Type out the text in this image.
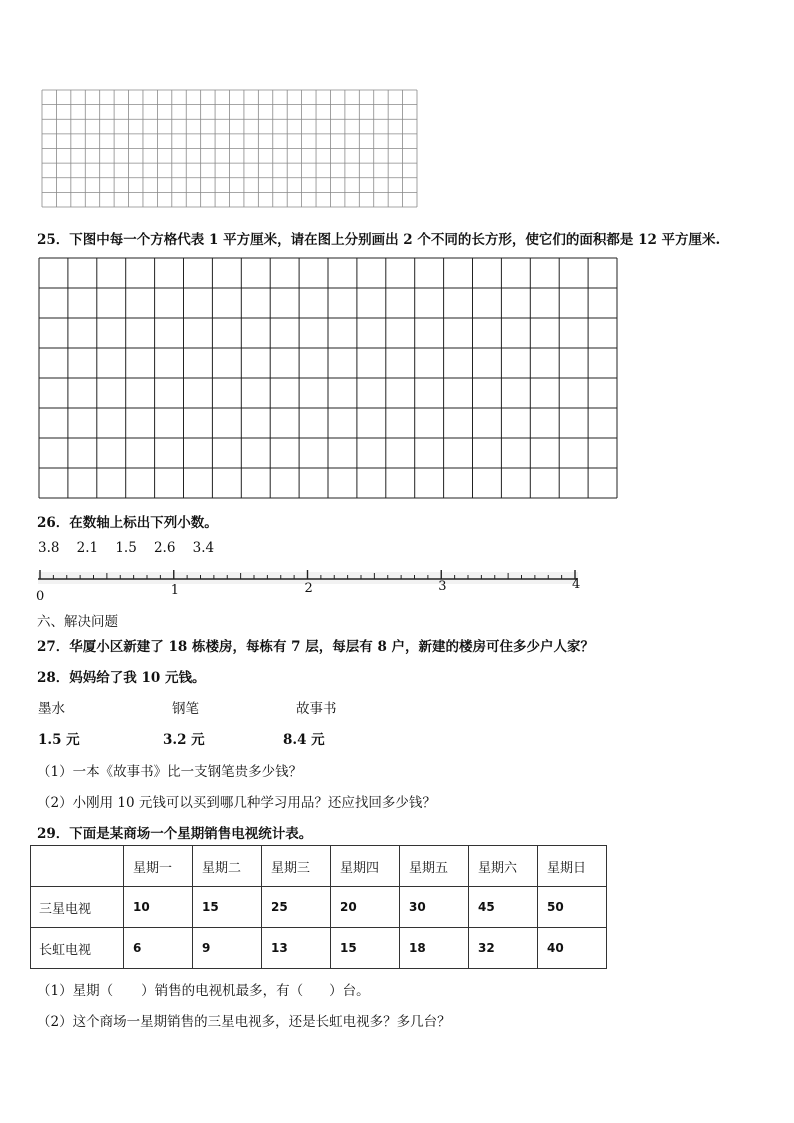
25．下图中每一个方格代表 1 平方厘米，请在图上分别画出 2 个不同的长方形，使它们的面积都是 12 平方厘米.
26．在数轴上标出下列小数。
3.8 2.1 1.5 2.6 3.4
0	1	2	3	4
六、解决问题
27．华厦小区新建了 18 栋楼房，每栋有 7 层，每层有 8 户，新建的楼房可住多少户人家？
28．妈妈给了我 10 元钱。
墨水	钢笔	故事书
1.5 元	3.2 元	8.4 元
（1）一本《故事书》比一支钢笔贵多少钱？
（2）小刚用 10 元钱可以买到哪几种学习用品？还应找回多少钱？
29．下面是某商场一个星期销售电视统计表。
	星期一	星期二	星期三	星期四	星期五	星期六	星期日
三星电视	10	15	25	20	30	45	50
长虹电视	6	9	13	15	18	32	40
（1）星期（ ）销售的电视机最多，有（ ）台。
（2）这个商场一星期销售的三星电视多，还是长虹电视多？多几台？
